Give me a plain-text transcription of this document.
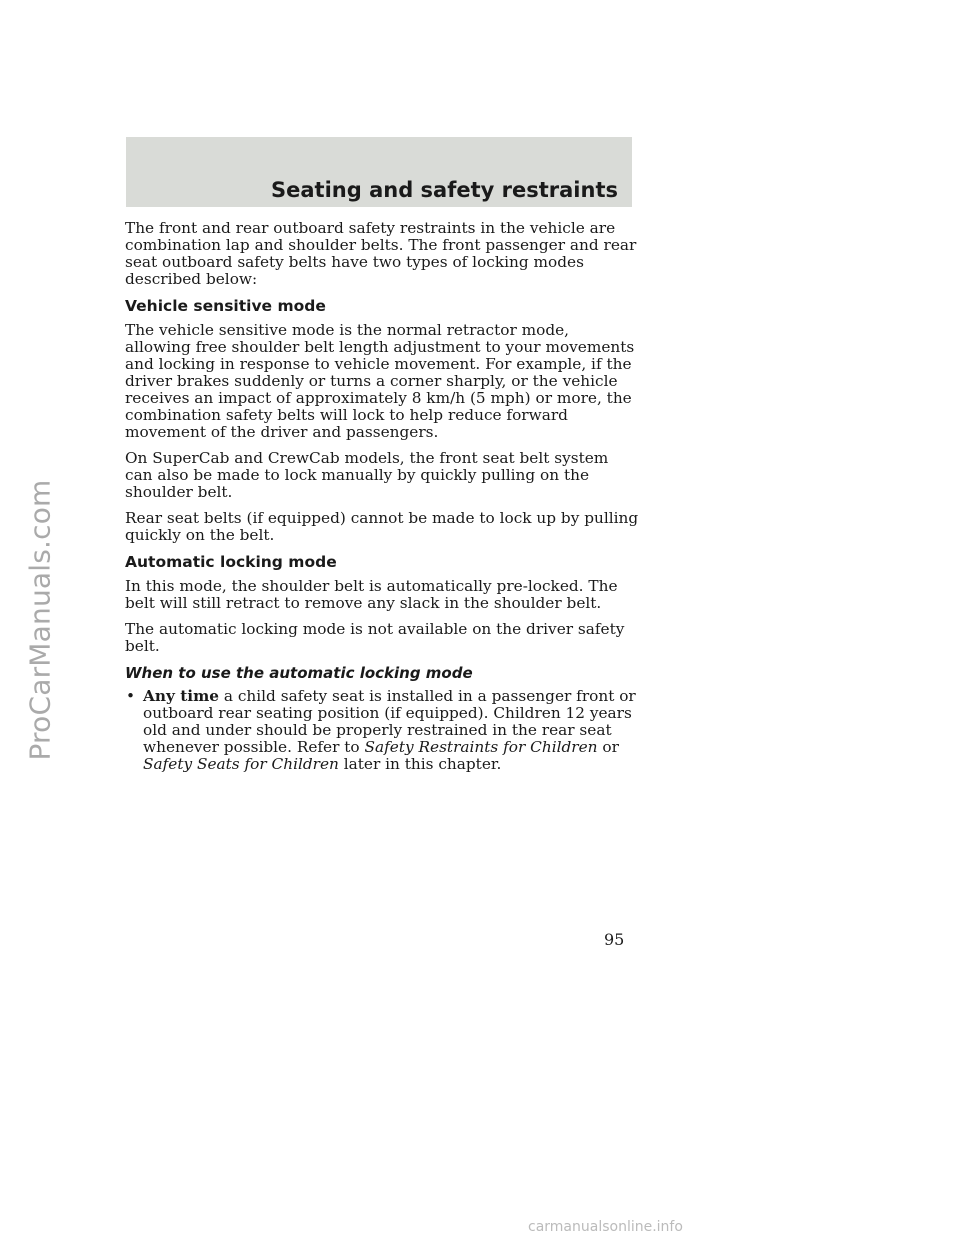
ProCarManuals.com
Seating and safety restraints

The front and rear outboard safety restraints in the vehicle are combination lap and shoulder belts. The front passenger and rear seat outboard safety belts have two types of locking modes described below:

Vehicle sensitive mode

The vehicle sensitive mode is the normal retractor mode, allowing free shoulder belt length adjustment to your movements and locking in response to vehicle movement. For example, if the driver brakes suddenly or turns a corner sharply, or the vehicle receives an impact of approximately 8 km/h (5 mph) or more, the combination safety belts will lock to help reduce forward movement of the driver and passengers.

On SuperCab and CrewCab models, the front seat belt system can also be made to lock manually by quickly pulling on the shoulder belt.

Rear seat belts (if equipped) cannot be made to lock up by pulling quickly on the belt.

Automatic locking mode

In this mode, the shoulder belt is automatically pre-locked. The belt will still retract to remove any slack in the shoulder belt.

The automatic locking mode is not available on the driver safety belt.

When to use the automatic locking mode

• Any time a child safety seat is installed in a passenger front or outboard rear seating position (if equipped). Children 12 years old and under should be properly restrained in the rear seat whenever possible. Refer to Safety Restraints for Children or Safety Seats for Children later in this chapter.

95

carmanualsonline.info
